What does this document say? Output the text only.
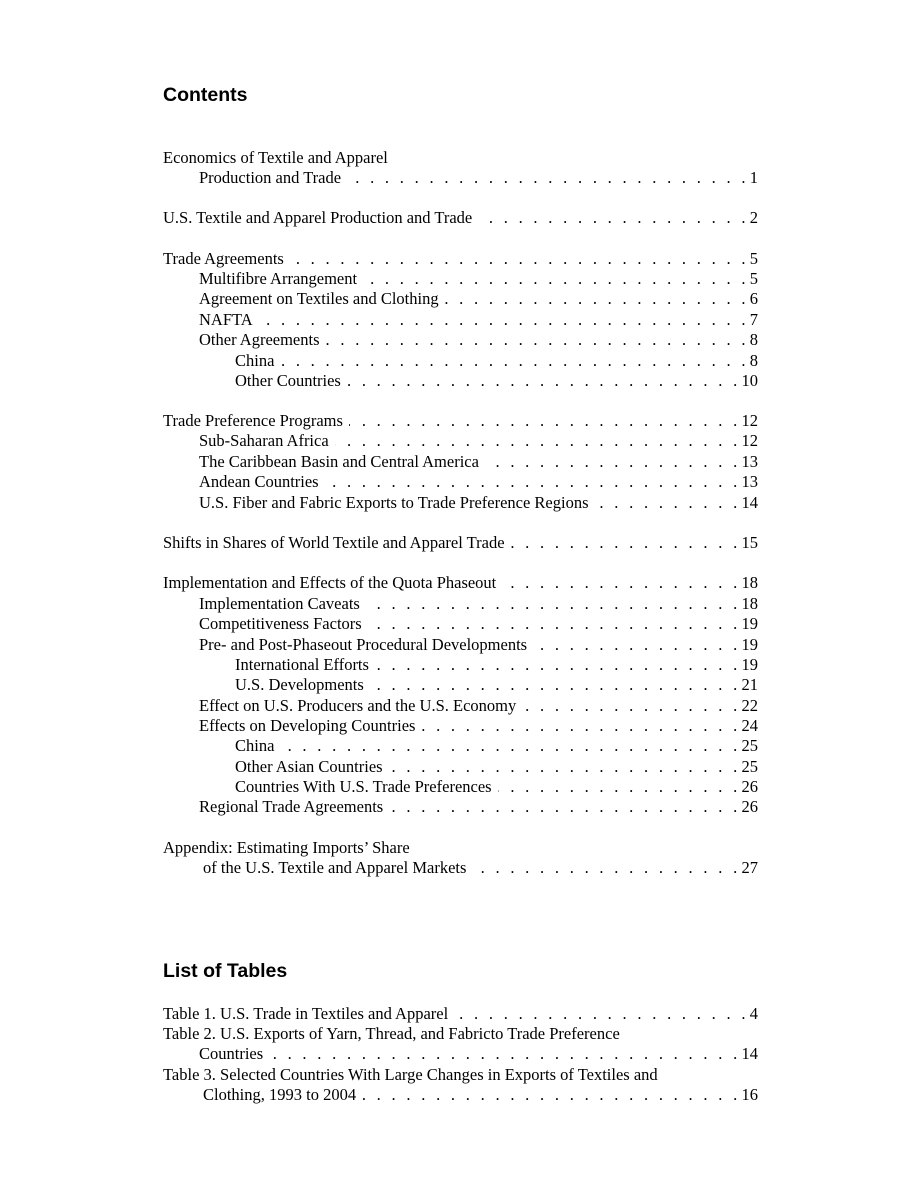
Contents
Economics of Textile and Apparel
Production and Trade . . .	1
U.S. Textile and Apparel Production and Trade . . .	2
Trade Agreements . . .	5
Multifibre Arrangement . . .	5
Agreement on Textiles and Clothing . . .	6
NAFTA . . .	7
Other Agreements . . .	8
China . . .	8
Other Countries . . .	10
Trade Preference Programs . . .	12
Sub-Saharan Africa . . .	12
The Caribbean Basin and Central America . . .	13
Andean Countries . . .	13
U.S. Fiber and Fabric Exports to Trade Preference Regions . . .	14
Shifts in Shares of World Textile and Apparel Trade . . .	15
Implementation and Effects of the Quota Phaseout . . .	18
Implementation Caveats . . .	18
Competitiveness Factors . . .	19
Pre- and Post-Phaseout Procedural Developments . . .	19
International Efforts . . .	19
U.S. Developments . . .	21
Effect on U.S. Producers and the U.S. Economy . . .	22
Effects on Developing Countries . . .	24
China . . .	25
Other Asian Countries . . .	25
Countries With U.S. Trade Preferences . . .	26
Regional Trade Agreements . . .	26
Appendix: Estimating Imports’ Share
of the U.S. Textile and Apparel Markets . . .	27
List of Tables
Table 1. U.S. Trade in Textiles and Apparel . . .	4
Table 2. U.S. Exports of Yarn, Thread, and Fabricto Trade Preference
Countries . . .	14
Table 3. Selected Countries With Large Changes in Exports of Textiles and
Clothing, 1993 to 2004 . . .	16
